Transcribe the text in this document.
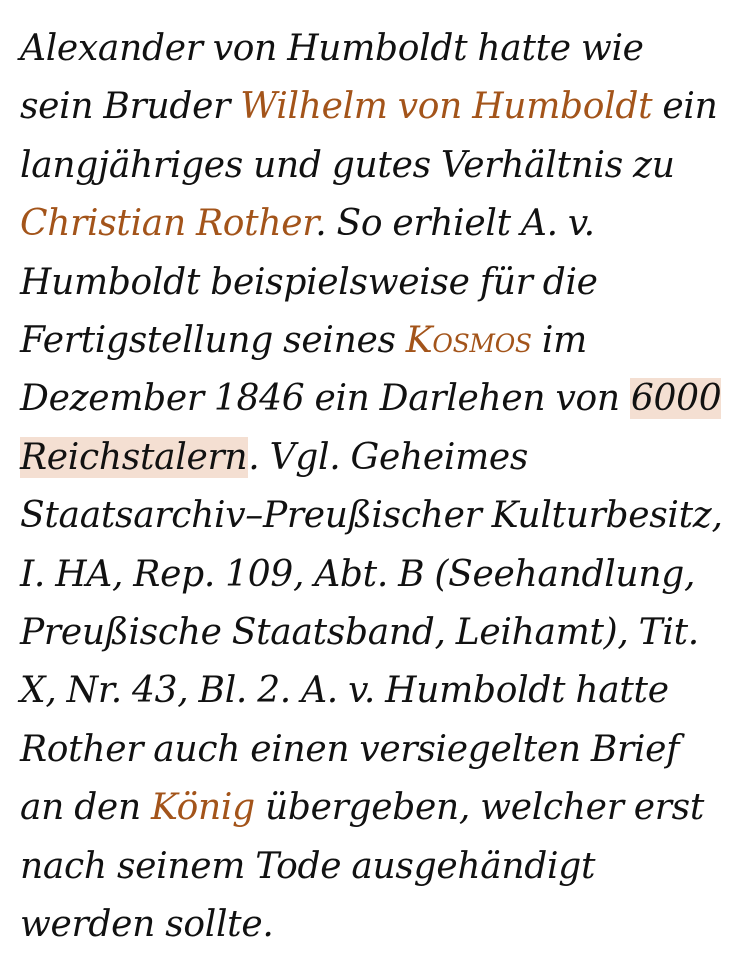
Alexander von Humboldt hatte wie sein Bruder Wilhelm von Humboldt ein langjähriges und gutes Verhältnis zu Christian Rother. So erhielt A. v. Humboldt beispielsweise für die Fertigstellung seines Kosmos im Dezember 1846 ein Darlehen von 6000 Reichstalern. Vgl. Geheimes Staatsarchiv–Preußischer Kulturbesitz, I. HA, Rep. 109, Abt. B (Seehandlung, Preußische Staatsband, Leihamt), Tit. X, Nr. 43, Bl. 2. A. v. Humboldt hatte Rother auch einen versiegelten Brief an den König übergeben, welcher erst nach seinem Tode ausgehändigt werden sollte.
